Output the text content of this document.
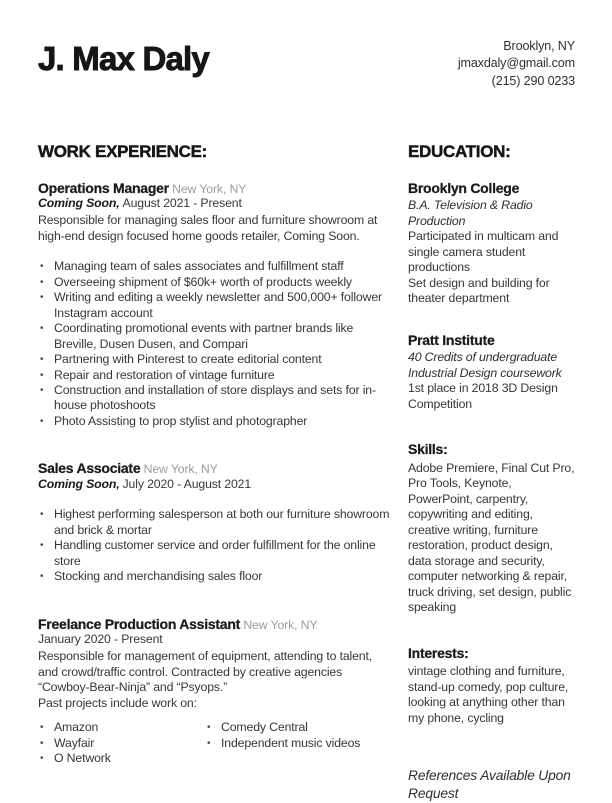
J. Max Daly	Brooklyn, NY
jmaxdaly@gmail.com
(215) 290 0233
WORK EXPERIENCE:
Operations Manager New York, NY
Coming Soon, August 2021 - Present
Responsible for managing sales floor and furniture showroom at high-end design focused home goods retailer, Coming Soon.
• Managing team of sales associates and fulfillment staff
• Overseeing shipment of $60k+ worth of products weekly
• Writing and editing a weekly newsletter and 500,000+ follower Instagram account
• Coordinating promotional events with partner brands like Breville, Dusen Dusen, and Compari
• Partnering with Pinterest to create editorial content
• Repair and restoration of vintage furniture
• Construction and installation of store displays and sets for in-house photoshoots
• Photo Assisting to prop stylist and photographer
Sales Associate New York, NY
Coming Soon, July 2020 - August 2021
• Highest performing salesperson at both our furniture showroom and brick & mortar
• Handling customer service and order fulfillment for the online store
• Stocking and merchandising sales floor
Freelance Production Assistant New York, NY
January 2020 - Present
Responsible for management of equipment, attending to talent, and crowd/traffic control. Contracted by creative agencies “Cowboy-Bear-Ninja” and “Psyops.”
Past projects include work on:
• Amazon
• Wayfair
• O Network
• Comedy Central
• Independent music videos
EDUCATION:
Brooklyn College
B.A. Television & Radio Production
Participated in multicam and single camera student productions
Set design and building for theater department
Pratt Institute
40 Credits of undergraduate Industrial Design coursework
1st place in 2018 3D Design Competition
Skills:
Adobe Premiere, Final Cut Pro, Pro Tools, Keynote, PowerPoint, carpentry, copywriting and editing, creative writing, furniture restoration, product design, data storage and security, computer networking & repair, truck driving, set design, public speaking
Interests:
vintage clothing and furniture, stand-up comedy, pop culture, looking at anything other than my phone, cycling
References Available Upon Request
